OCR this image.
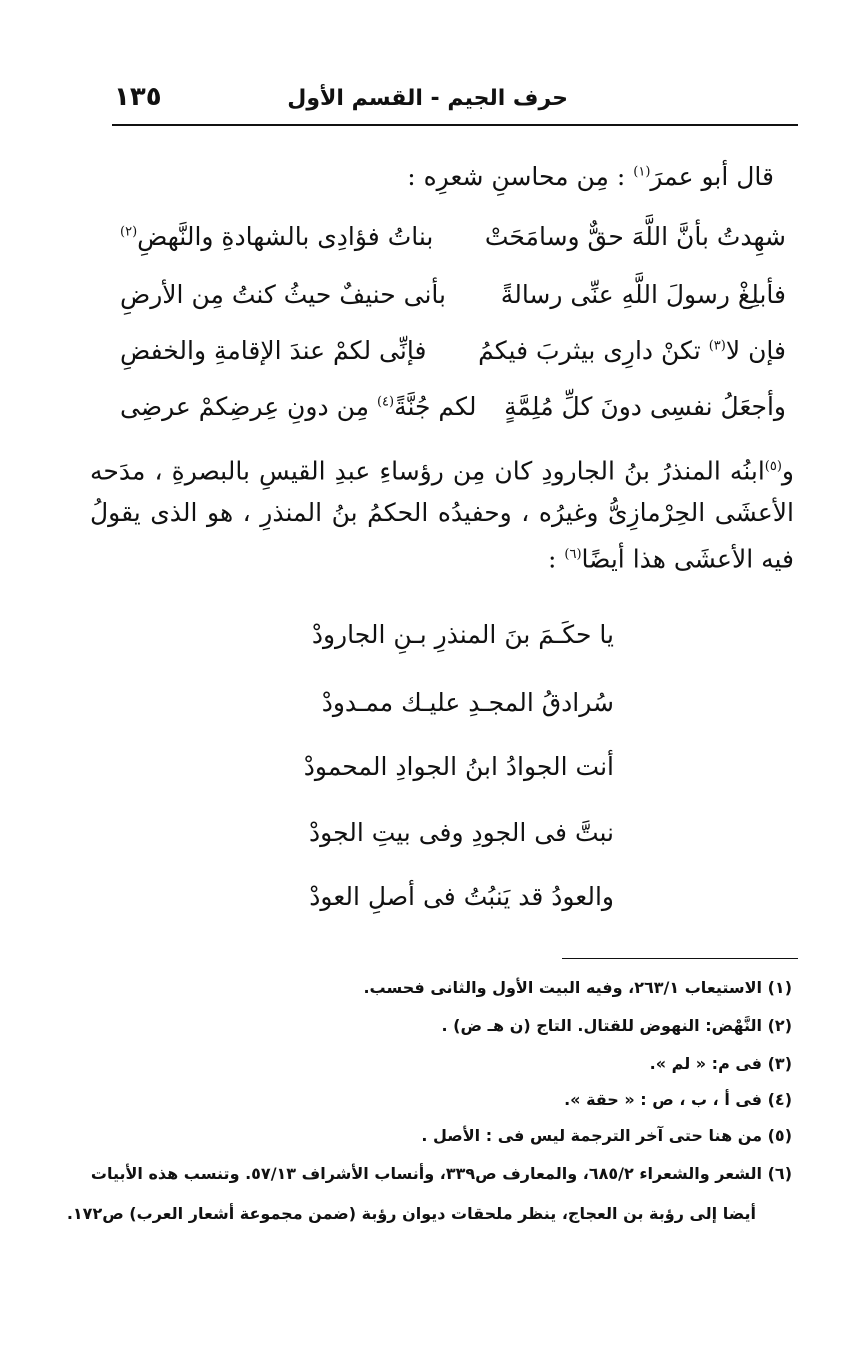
١٣٥	حرف الجيم - القسم الأول
قال أبو عمرَ$^{(١)}$ : مِن محاسنِ شعرِه :
شهِدتُ بأنَّ اللَّهَ حقٌّ وسامَحَتْ
بناتُ فؤادِى بالشهادةِ والنَّهضِ$^{(٢)}$
فأبلِغْ رسولَ اللَّهِ عنِّى رسالةً
بأنى حنيفٌ حيثُ كنتُ مِن الأرضِ
فإن لا$^{(٣)}$ تكنْ دارِى بيثربَ فيكمُ
فإنِّى لكمْ عندَ الإقامةِ والخفضِ
وأجعَلُ نفسِى دونَ كلِّ مُلِمَّةٍ
لكم جُنَّةً$^{(٤)}$ مِن دونِ عِرضِكمْ عرضِى

و$^{(٥)}$ابنُه المنذرُ بنُ الجارودِ كان مِن رؤساءِ عبدِ القيسِ بالبصرةِ ، مدَحه الأعشَى الحِرْمازِىُّ وغيرُه ، وحفيدُه الحكمُ بنُ المنذرِ ، هو الذى يقولُ فيه الأعشَى هذا أيضًا$^{(٦)}$ :

يا حكَـمَ بنَ المنذرِ بـنِ الجارودْ
سُرادقُ المجـدِ عليـك ممـدودْ
أنت الجوادُ ابنُ الجوادِ المحمودْ
نبتَّ فى الجودِ وفى بيتِ الجودْ
والعودُ قد يَنبُتُ فى أصلِ العودْ
(١) الاستيعاب ٢٦٣/١، وفيه البيت الأول والثانى فحسب.
(٢) النَّهْض: النهوض للقتال. التاج (ن هـ ض) .
(٣) فى م: « لم ».
(٤) فى أ ، ب ، ص : « حقة ».
(٥) من هنا حتى آخر الترجمة ليس فى : الأصل .
(٦) الشعر والشعراء ٦٨٥/٢، والمعارف ص٣٣٩، وأنساب الأشراف ٥٧/١٣. وتنسب هذه الأبيات
أيضا إلى رؤبة بن العجاج، ينظر ملحقات ديوان رؤبة (ضمن مجموعة أشعار العرب) ص١٧٢.
